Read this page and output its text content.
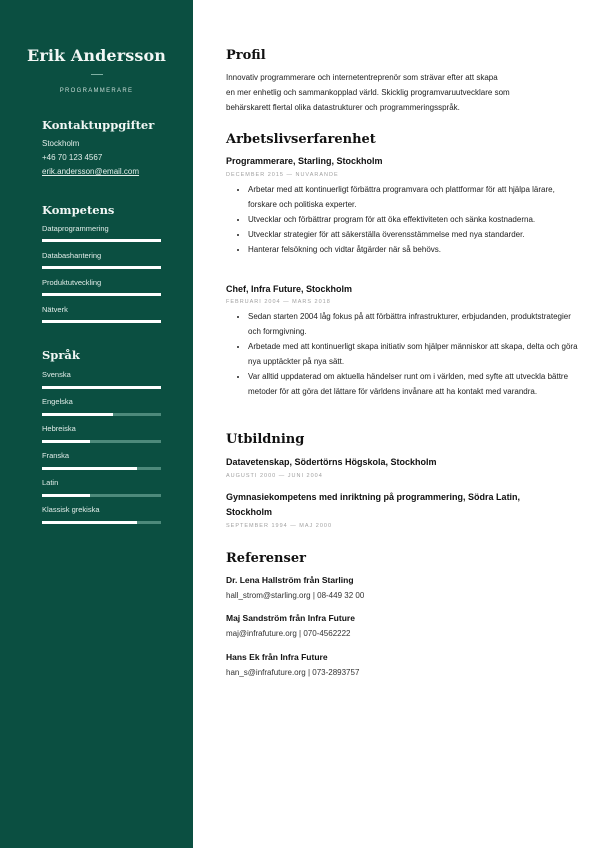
Erik Andersson
PROGRAMMERARE
Kontaktuppgifter
Stockholm
+46 70 123 4567
erik.andersson@email.com
Kompetens
Dataprogrammering
Databashantering
Produktutveckling
Nätverk
Språk
Svenska
Engelska
Hebreiska
Franska
Latin
Klassisk grekiska
Profil
Innovativ programmerare och internetentreprenör som strävar efter att skapa
en mer enhetlig och sammankopplad värld. Skicklig programvaruutvecklare som
behärskarett flertal olika datastrukturer och programmeringsspråk.
Arbetslivserfarenhet
Programmerare, Starling, Stockholm
DECEMBER 2015 — NUVARANDE
• Arbetar med att kontinuerligt förbättra programvara och plattformar för att hjälpa lärare, forskare och politiska experter.
• Utvecklar och förbättrar program för att öka effektiviteten och sänka kostnaderna.
• Utvecklar strategier för att säkerställa överensstämmelse med nya standarder.
• Hanterar felsökning och vidtar åtgärder när så behövs.
Chef, Infra Future, Stockholm
FEBRUARI 2004 — MARS 2018
• Sedan starten 2004 låg fokus på att förbättra infrastrukturer, erbjudanden, produktstrategier och formgivning.
• Arbetade med att kontinuerligt skapa initiativ som hjälper människor att skapa, delta och göra nya upptäckter på nya sätt.
• Var alltid uppdaterad om aktuella händelser runt om i världen, med syfte att utveckla bättre metoder för att göra det lättare för världens invånare att ha kontakt med varandra.
Utbildning
Datavetenskap, Södertörns Högskola, Stockholm
AUGUSTI 2000 — JUNI 2004
Gymnasiekompetens med inriktning på programmering, Södra Latin,
Stockholm
SEPTEMBER 1994 — MAJ 2000
Referenser
Dr. Lena Hallström från Starling
hall_strom@starling.org | 08-449 32 00
Maj Sandström från Infra Future
maj@infrafuture.org | 070-4562222
Hans Ek från Infra Future
han_s@infrafuture.org | 073-2893757
